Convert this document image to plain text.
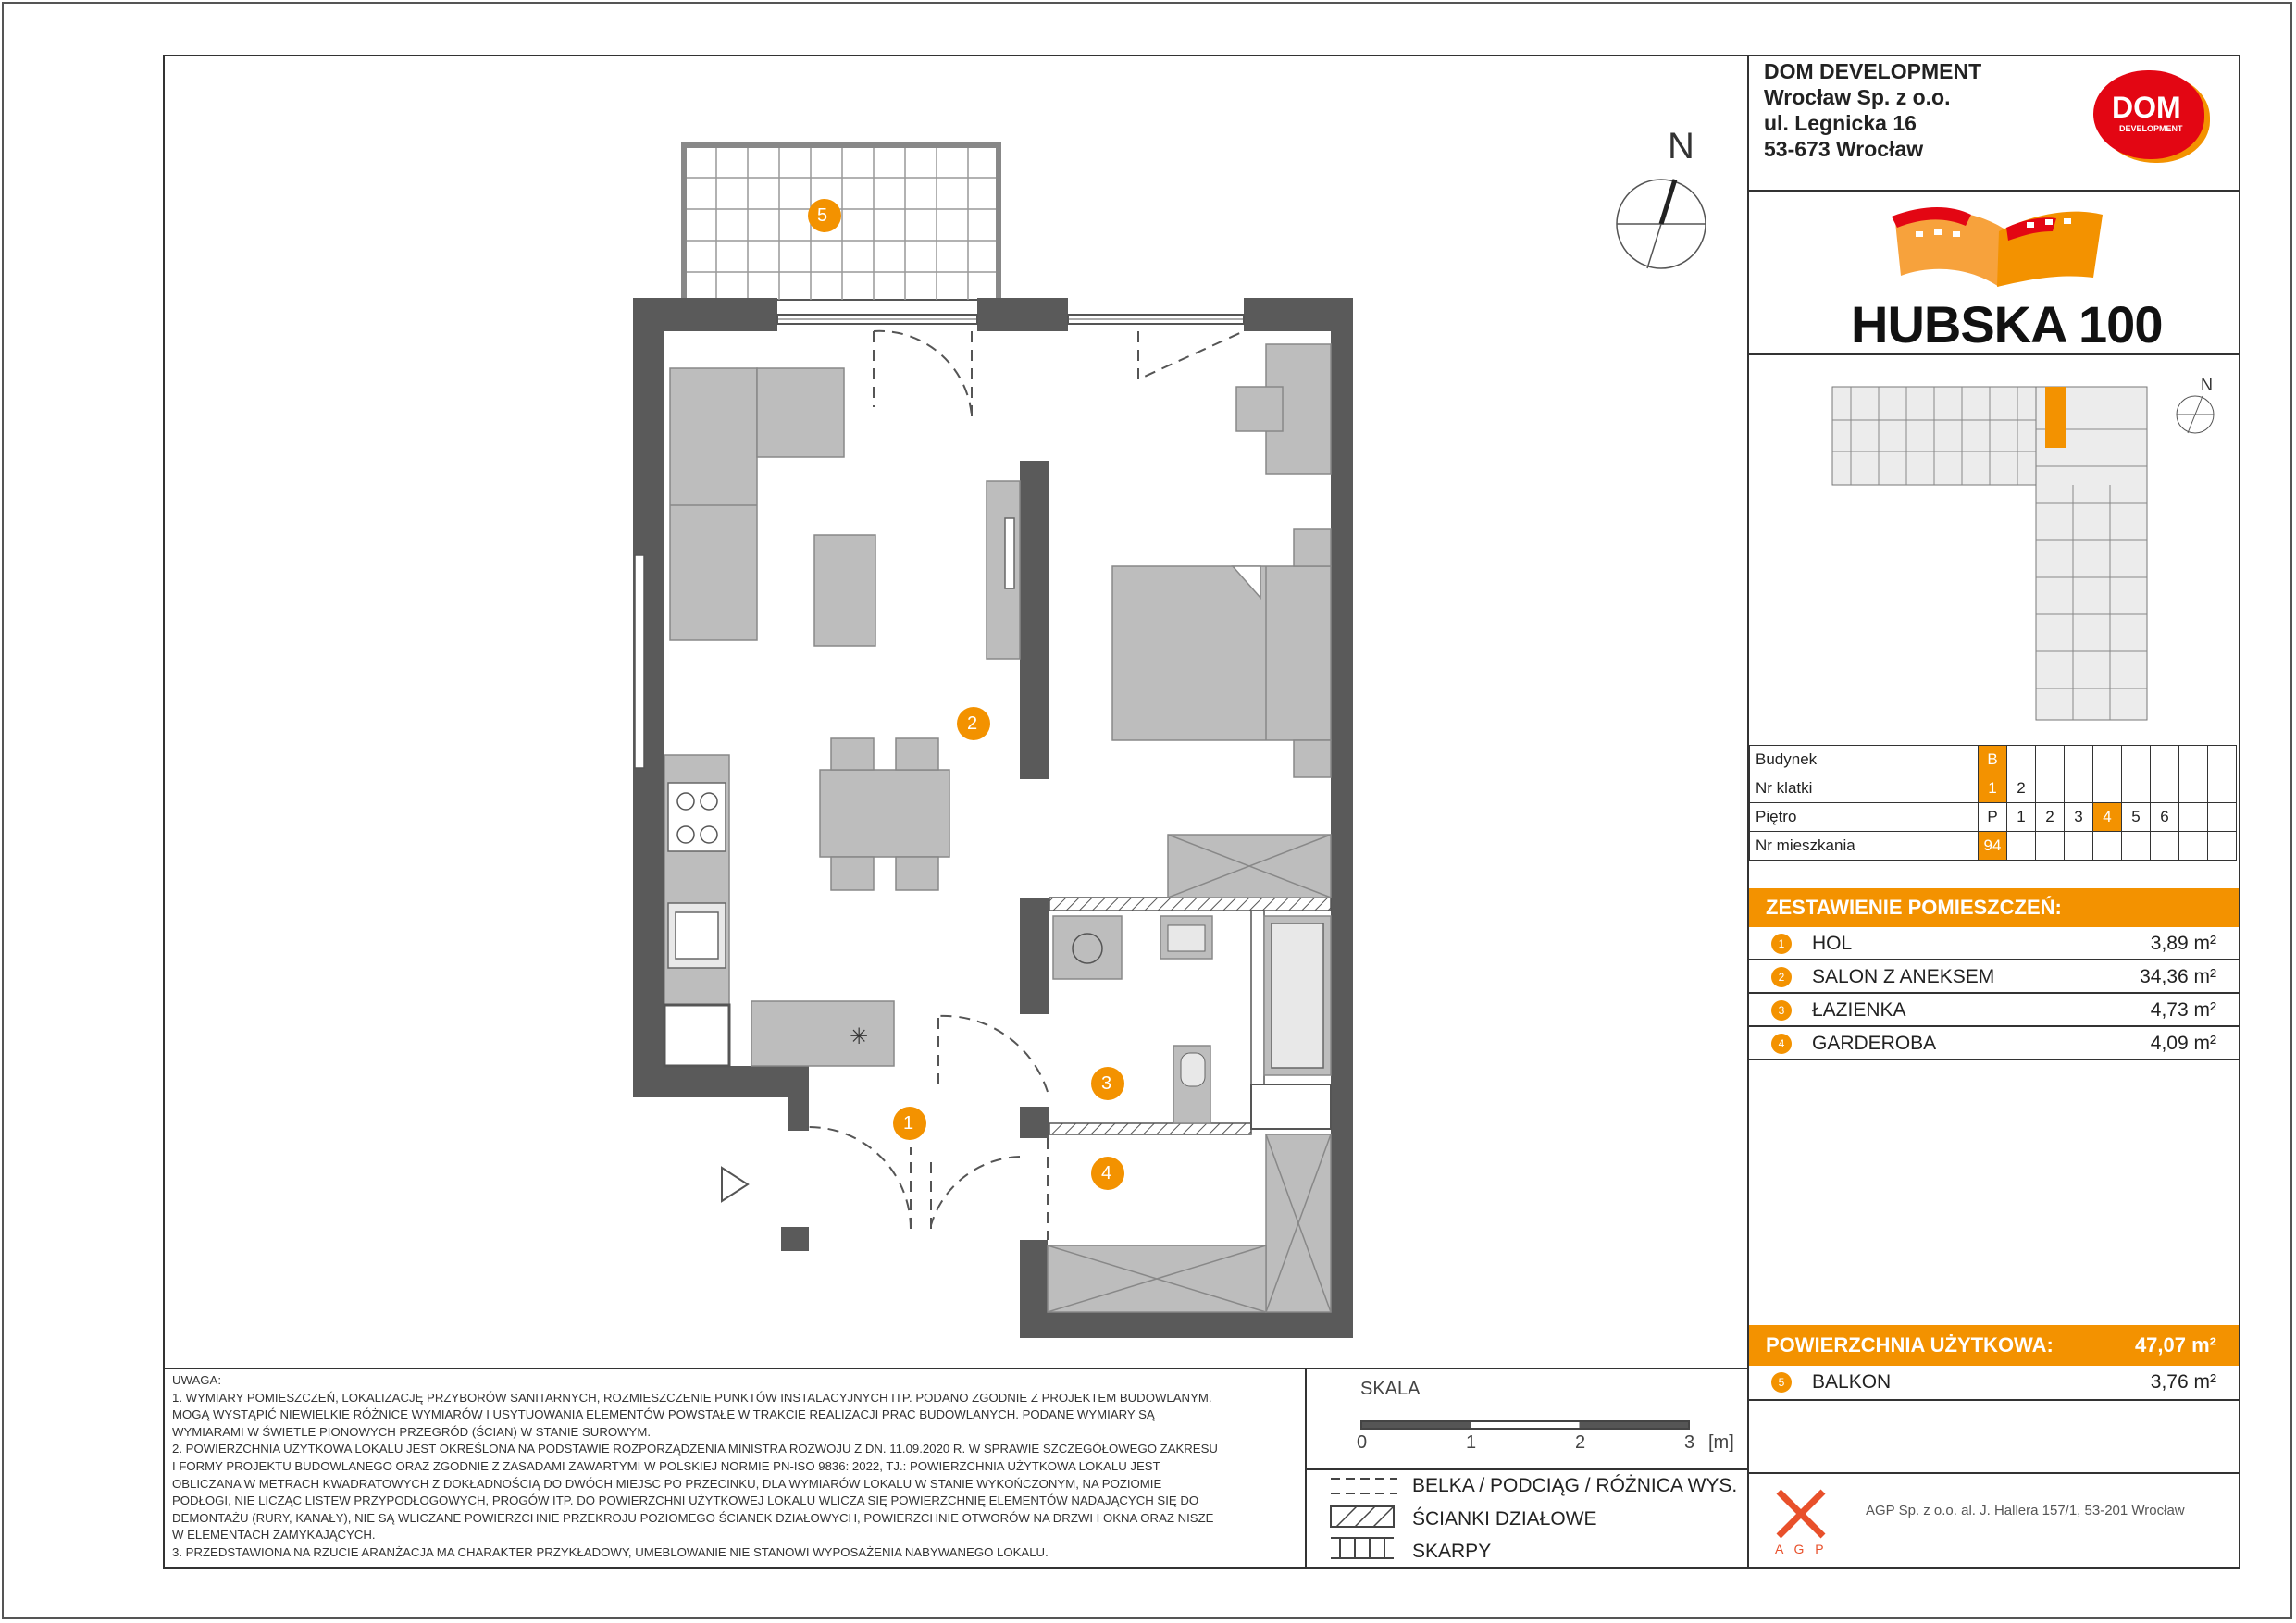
✳
5
2
1
3
4
N
DOM DEVELOPMENT
Wrocław Sp. z o.o.
ul. Legnicka 16
53-673 Wrocław
DOM
DEVELOPMENT
HUBSKA 100
N
Budynek	B								
Nr klatki	1	2							
Piętro	P	1	2	3	4	5	6		
Nr mieszkania	94								
ZESTAWIENIE POMIESZCZEŃ:
1	HOL	3,89 m²
2	SALON Z ANEKSEM	34,36 m²
3	ŁAZIENKA	4,73 m²
4	GARDEROBA	4,09 m²
POWIERZCHNIA UŻYTKOWA:	47,07 m²
5	BALKON	3,76 m²
UWAGA:
1. WYMIARY POMIESZCZEŃ, LOKALIZACJĘ PRZYBORÓW SANITARNYCH, ROZMIESZCZENIE PUNKTÓW INSTALACYJNYCH ITP. PODANO ZGODNIE Z PROJEKTEM BUDOWLANYM.
MOGĄ WYSTĄPIĆ NIEWIELKIE RÓŻNICE WYMIARÓW I USYTUOWANIA ELEMENTÓW POWSTAŁE W TRAKCIE REALIZACJI PRAC BUDOWLANYCH. PODANE WYMIARY SĄ
WYMIARAMI W ŚWIETLE PIONOWYCH PRZEGRÓD (ŚCIAN) W STANIE SUROWYM.
2. POWIERZCHNIA UŻYTKOWA LOKALU JEST OKREŚLONA NA PODSTAWIE ROZPORZĄDZENIA MINISTRA ROZWOJU Z DN. 11.09.2020 R. W SPRAWIE SZCZEGÓŁOWEGO ZAKRESU
I FORMY PROJEKTU BUDOWLANEGO ORAZ ZGODNIE Z ZASADAMI ZAWARTYMI W POLSKIEJ NORMIE PN-ISO 9836: 2022, TJ.: POWIERZCHNIA UŻYTKOWA LOKALU JEST
OBLICZANA W METRACH KWADRATOWYCH Z DOKŁADNOŚCIĄ DO DWÓCH MIEJSC PO PRZECINKU, DLA WYMIARÓW LOKALU W STANIE WYKOŃCZONYM, NA POZIOMIE
PODŁOGI, NIE LICZĄC LISTEW PRZYPODŁOGOWYCH, PROGÓW ITP. DO POWIERZCHNI UŻYTKOWEJ LOKALU WLICZA SIĘ POWIERZCHNIĘ ELEMENTÓW NADAJĄCYCH SIĘ DO
DEMONTAŻU (RURY, KANAŁY), NIE SĄ WLICZANE POWIERZCHNIE PRZEKROJU POZIOMEGO ŚCIANEK DZIAŁOWYCH, POWIERZCHNIE OTWORÓW NA DRZWI I OKNA ORAZ NISZE
W ELEMENTACH ZAMYKAJĄCYCH.
3. PRZEDSTAWIONA NA RZUCIE ARANŻACJA MA CHARAKTER PRZYKŁADOWY, UMEBLOWANIE NIE STANOWI WYPOSAŻENIA NABYWANEGO LOKALU.
SKALA
0	1	2	3 [m]
BELKA / PODCIĄG / RÓŻNICA WYS.
ŚCIANKI DZIAŁOWE
SKARPY	A G P
AGP Sp. z o.o. al. J. Hallera 157/1, 53-201 Wrocław
